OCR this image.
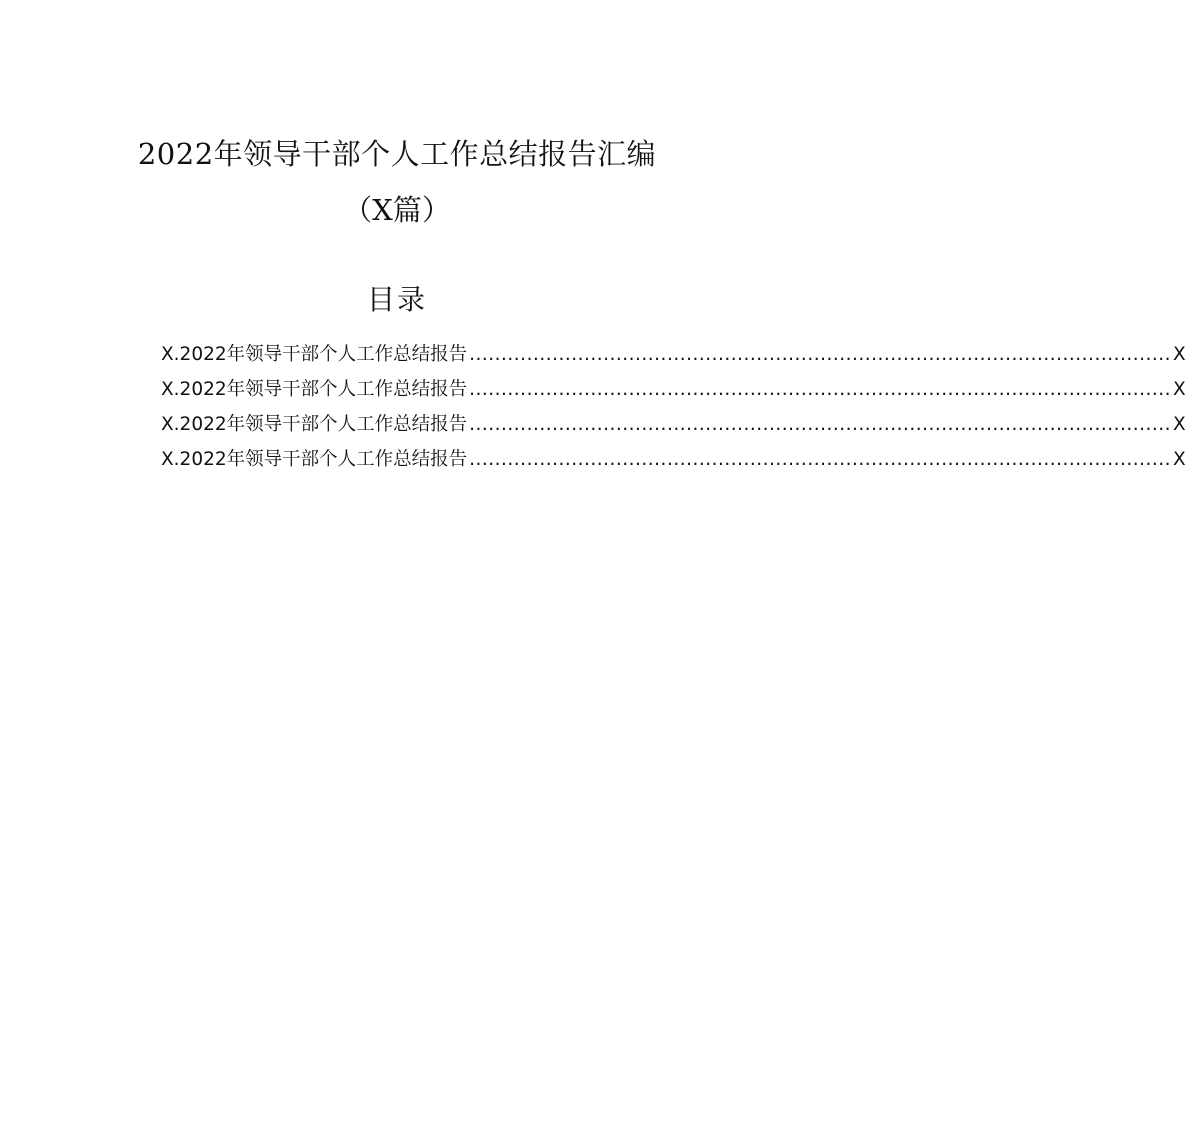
2022年领导干部个人工作总结报告汇编
（X篇）
目录
X.2022年领导干部个人工作总结报告 .............................................................................................................. X
X.2022年领导干部个人工作总结报告 .............................................................................................................. X
X.2022年领导干部个人工作总结报告 .............................................................................................................. X
X.2022年领导干部个人工作总结报告 .............................................................................................................. X
